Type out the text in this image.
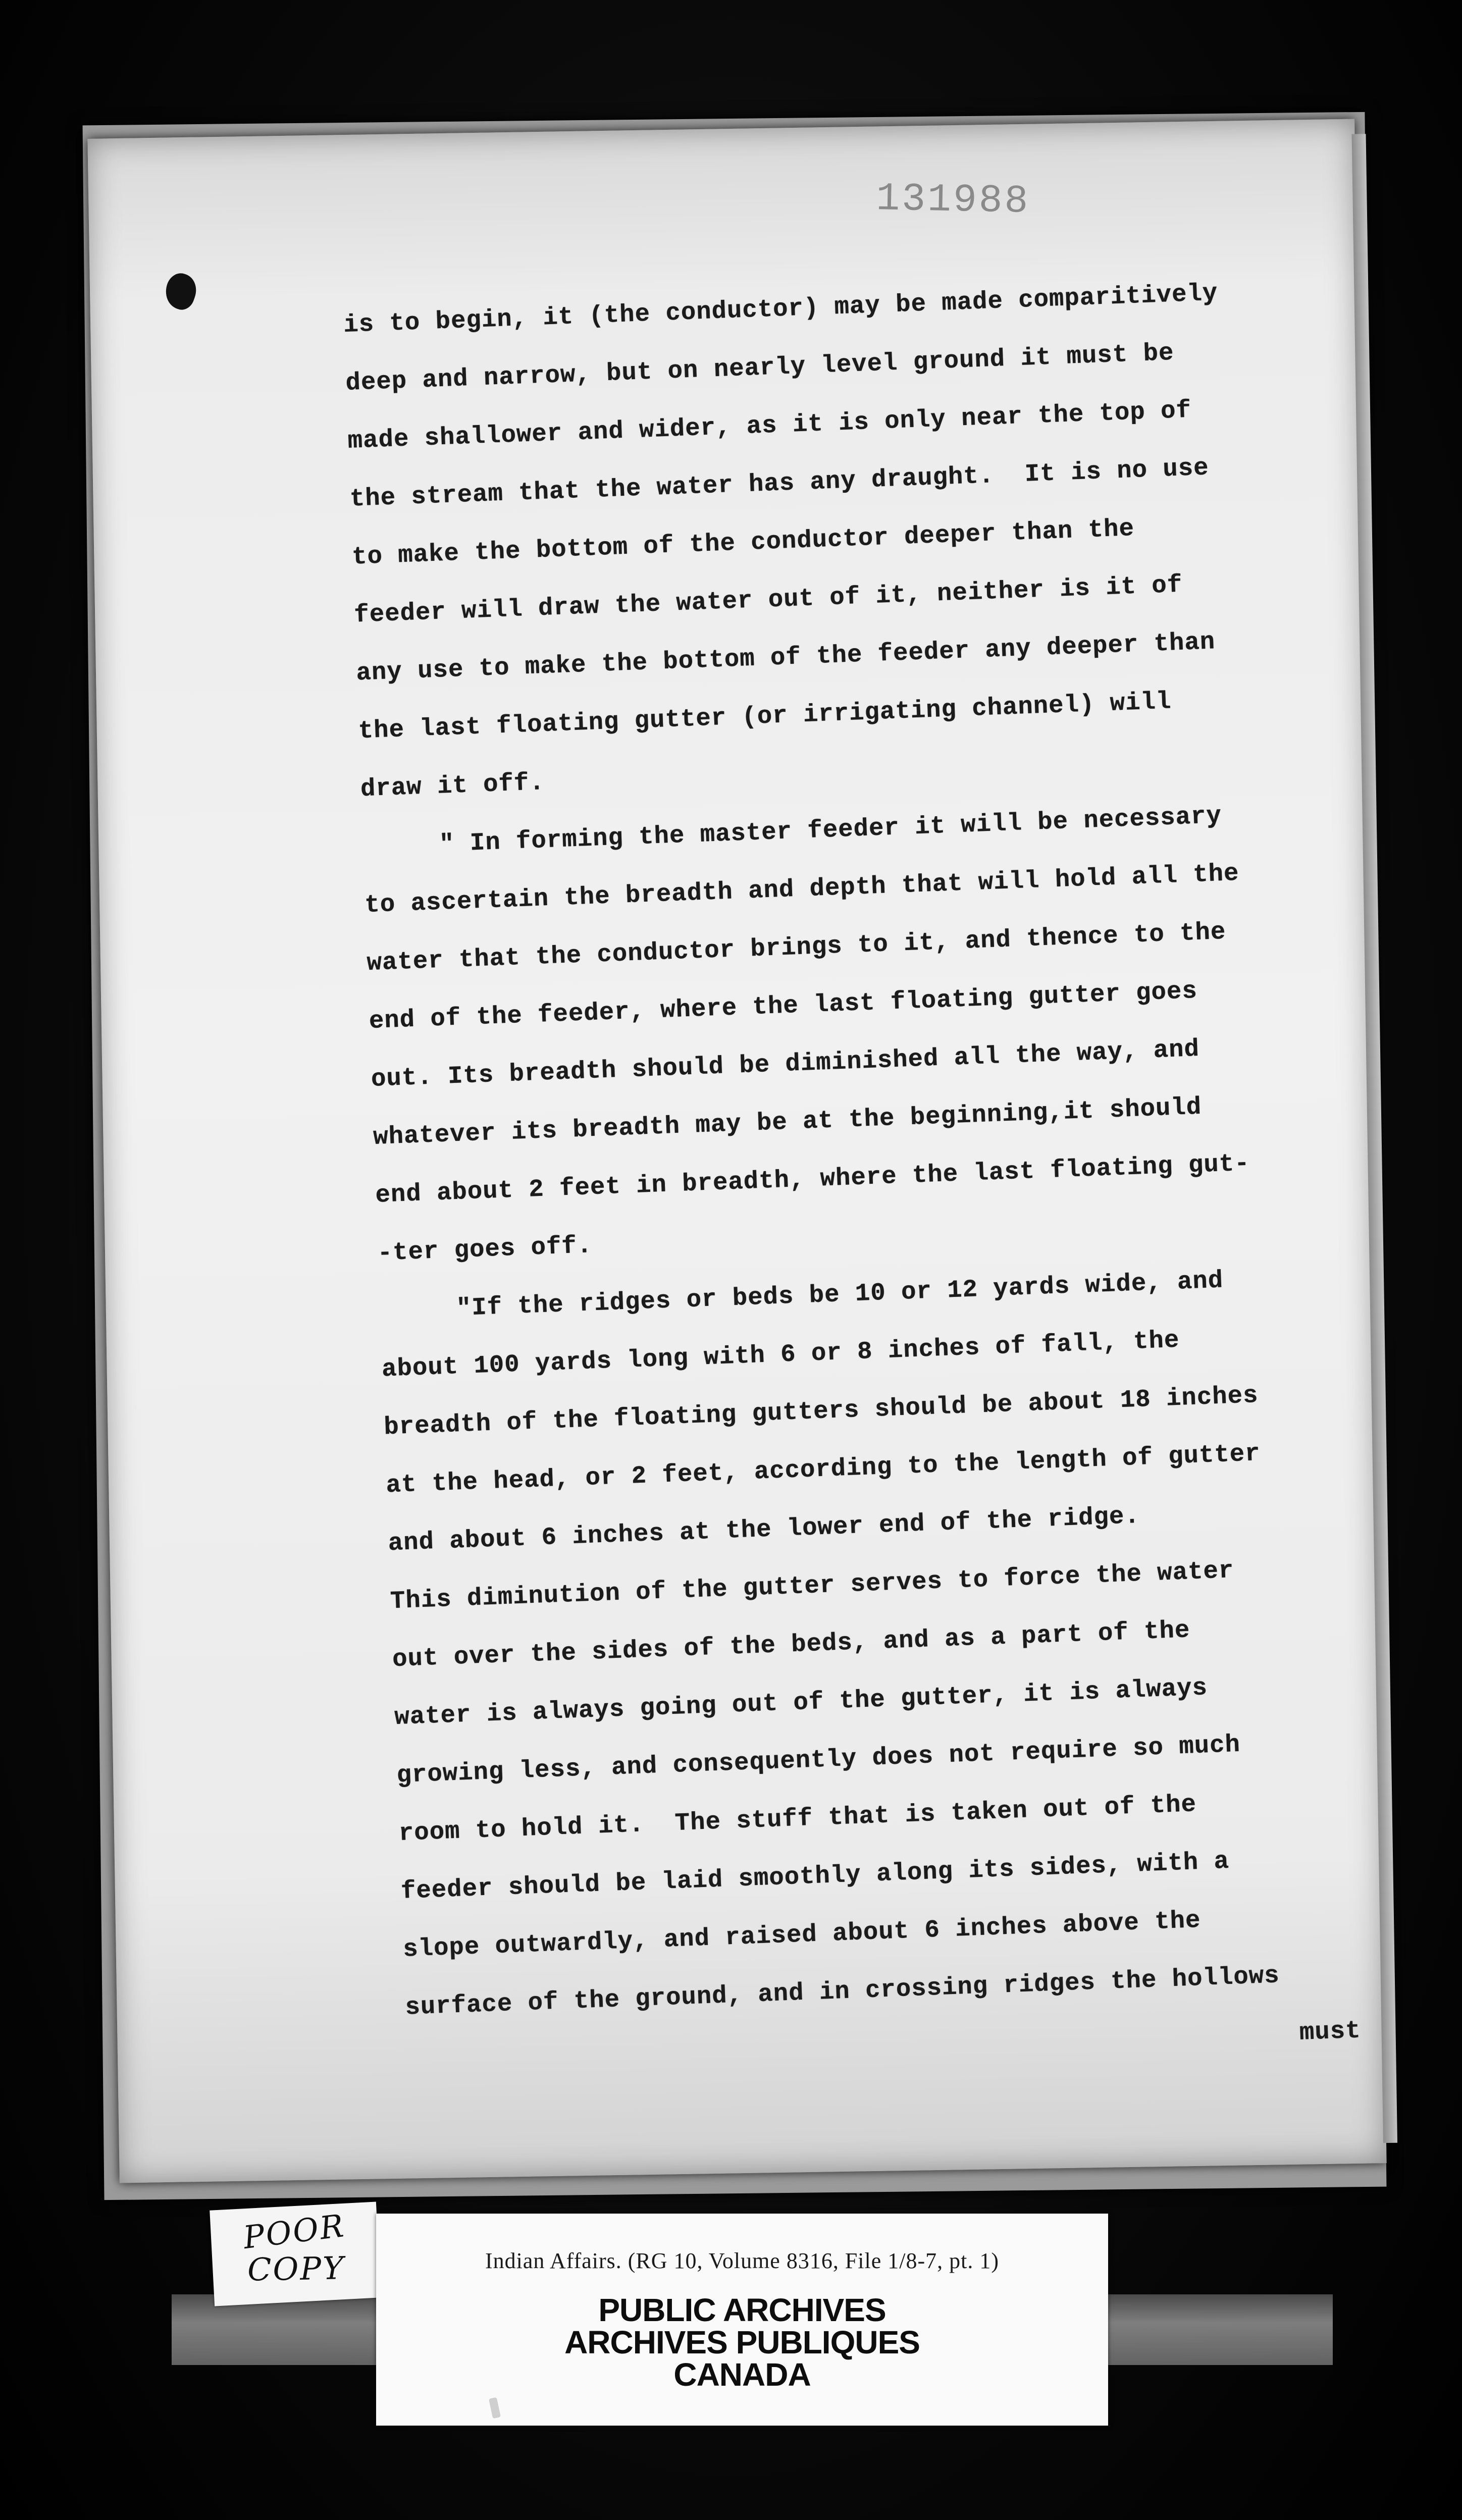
131988
is to begin, it (the conductor) may be made comparitively
deep and narrow, but on nearly level ground it must be
made shallower and wider, as it is only near the top of
the stream that the water has any draught.  It is no use
to make the bottom of the conductor deeper than the
feeder will draw the water out of it, neither is it of
any use to make the bottom of the feeder any deeper than
the last floating gutter (or irrigating channel) will
draw it off.
" In forming the master feeder it will be necessary
to ascertain the breadth and depth that will hold all the
water that the conductor brings to it, and thence to the
end of the feeder, where the last floating gutter goes
out. Its breadth should be diminished all the way, and
whatever its breadth may be at the beginning,it should
end about 2 feet in breadth, where the last floating gut-
-ter goes off.
"If the ridges or beds be 10 or 12 yards wide, and
about 100 yards long with 6 or 8 inches of fall, the
breadth of the floating gutters should be about 18 inches
at the head, or 2 feet, according to the length of gutter
and about 6 inches at the lower end of the ridge.
This diminution of the gutter serves to force the water
out over the sides of the beds, and as a part of the
water is always going out of the gutter, it is always
growing less, and consequently does not require so much
room to hold it.  The stuff that is taken out of the
feeder should be laid smoothly along its sides, with a
slope outwardly, and raised about 6 inches above the
surface of the ground, and in crossing ridges the hollows
must
POOR
COPY	Indian Affairs. (RG 10, Volume 8316, File 1/8-7, pt. 1)
PUBLIC ARCHIVES
ARCHIVES PUBLIQUES
CANADA
